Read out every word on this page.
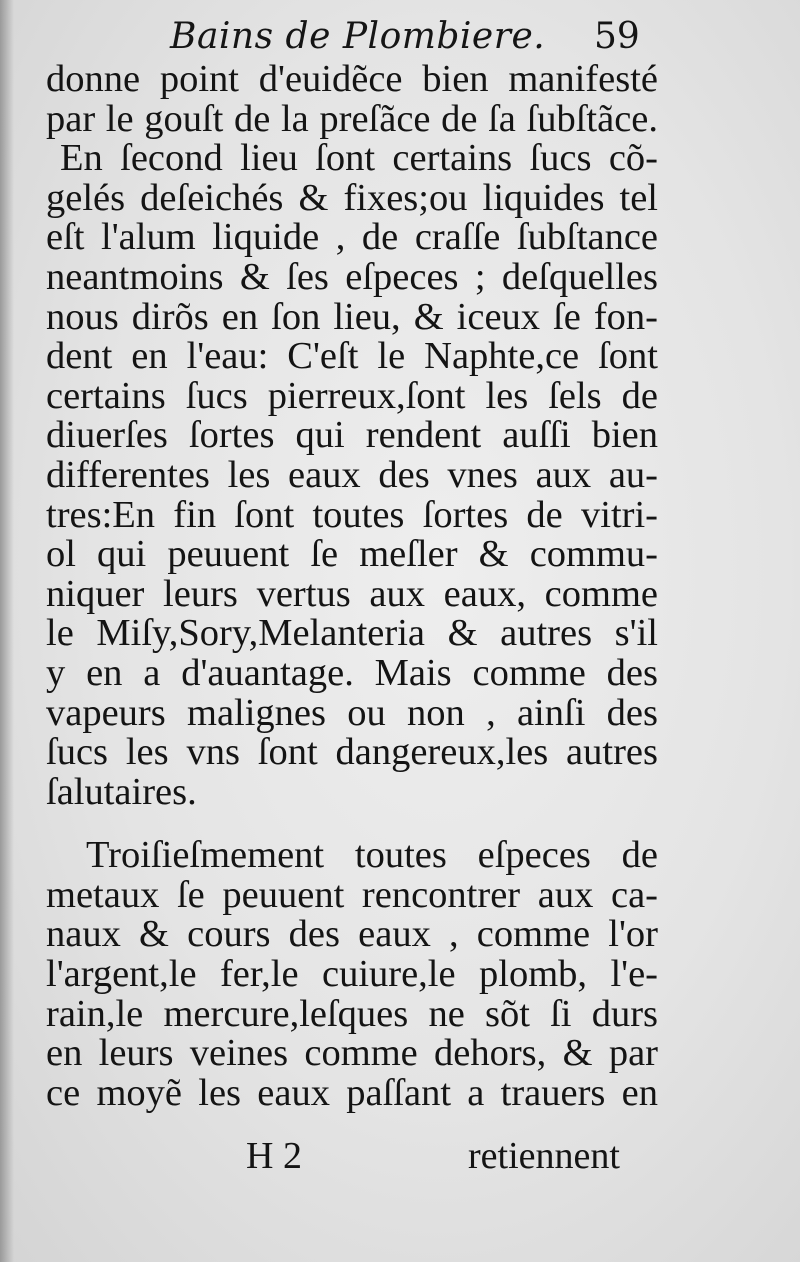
Bains de Plombiere. 59
donne point d'euidẽce bien manifesté
par le gouſt de la preſãce de ſa ſubſtãce.
En ſecond lieu ſont certains ſucs cõ-
gelés deſeichés & fixes;ou liquides tel
eſt l'alum liquide , de craſſe ſubſtance
neantmoins & ſes eſpeces ; deſquelles
nous dirõs en ſon lieu, & iceux ſe fon-
dent en l'eau: C'eſt le Naphte,ce ſont
certains ſucs pierreux,ſont les ſels de
diuerſes ſortes qui rendent auſſi bien
differentes les eaux des vnes aux au-
tres:En fin ſont toutes ſortes de vitri-
ol qui peuuent ſe meſler & commu-
niquer leurs vertus aux eaux, comme
le Miſy,Sory,Melanteria & autres s'il
y en a d'auantage. Mais comme des
vapeurs malignes ou non , ainſi des
ſucs les vns ſont dangereux,les autres
ſalutaires.
Troiſieſmement toutes eſpeces de
metaux ſe peuuent rencontrer aux ca-
naux & cours des eaux , comme l'or
l'argent,le fer,le cuiure,le plomb, l'e-
rain,le mercure,leſques ne sõt ſi durs
en leurs veines comme dehors, & par
ce moyẽ les eaux paſſant a trauers en
H 2	retiennent
